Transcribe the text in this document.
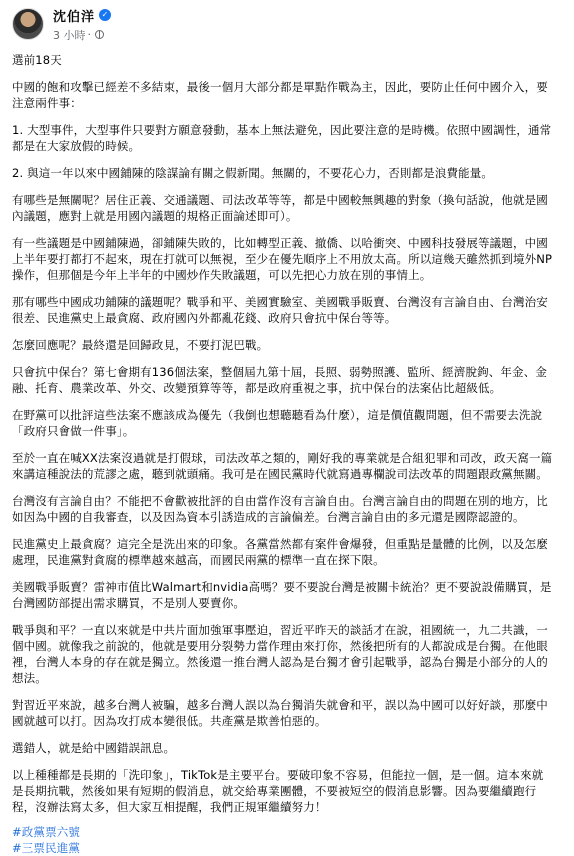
沈伯洋 ✓
3 小時 ·

選前18天

中國的飽和攻擊已經差不多結束，最後一個月大部分都是單點作戰為主，因此，要防止任何中國介入，要注意兩件事：

1. 大型事件，大型事件只要對方願意發動，基本上無法避免，因此要注意的是時機。依照中國調性，通常都是在大家放假的時候。

2. 與這一年以來中國鋪陳的陰謀論有關之假新聞。無關的，不要花心力，否則都是浪費能量。

有哪些是無關呢？居住正義、交通議題、司法改革等等，都是中國較無興趣的對象（換句話說，他就是國內議題，應對上就是用國內議題的規格正面論述即可）。

有一些議題是中國鋪陳過，卻鋪陳失敗的，比如轉型正義、撤僑、以哈衝突、中國科技發展等議題，中國上半年要打都打不起來，現在打就可以無視，至少在優先順序上不用放太高。所以這幾天雖然抓到境外NP操作，但那個是今年上半年的中國炒作失敗議題，可以先把心力放在別的事情上。

那有哪些中國成功鋪陳的議題呢？戰爭和平、美國實驗室、美國戰爭販賣、台灣沒有言論自由、台灣治安很差、民進黨史上最貪腐、政府國內外都亂花錢、政府只會抗中保台等等。

怎麼回應呢？最終還是回歸政見，不要打泥巴戰。

只會抗中保台？第七會期有136個法案，整個屆九第十屆，長照、弱勢照護、監所、經濟脫鉤、年金、金融、托育、農業改革、外交、改變預算等等，都是政府重視之事，抗中保台的法案佔比超級低。

在野黨可以批評這些法案不應該成為優先（我倒也想聽聽看為什麼），這是價值觀問題，但不需要去洗說「政府只會做一件事」。

至於一直在喊XX法案沒過就是打假球，司法改革之類的，剛好我的專業就是合組犯罪和司改，政天窩一篇來講這種說法的荒謬之處，聽到就頭痛。我可是在國民黨時代就寫過專欄說司法改革的問題跟政黨無關。

台灣沒有言論自由？不能把不會歡被批評的自由當作沒有言論自由。台灣言論自由的問題在別的地方，比如因為中國的自我審查，以及因為資本引誘造成的言論偏差。台灣言論自由的多元還是國際認證的。

民進黨史上最貪腐？這完全是洗出來的印象。各黨當然都有案件會爆發，但重點是量體的比例，以及怎麼處理，民進黨對貪腐的標準越來越高，而國民兩黨的標準一直在探下限。

美國戰爭販賣？雷神市值比Walmart和nvidia高嗎？要不要說台灣是被關卡統治？更不要說設備購買，是台灣國防部提出需求購買，不是別人要賣你。

戰爭與和平？一直以來就是中共片面加強軍事壓迫，習近平昨天的談話才在說，祖國統一，九二共識，一個中國。就像我之前說的，他就是要用分裂勢力當作理由來打你，然後把所有的人都說成是台獨。在他眼裡，台灣人本身的存在就是獨立。然後還一推台灣人認為是台獨才會引起戰爭，認為台獨是小部分的人的想法。

對習近平來說，越多台灣人被騙，越多台灣人誤以為台獨消失就會和平，誤以為中國可以好好談，那麼中國就越可以打。因為攻打成本變很低。共產黨是欺善怕惡的。

選錯人，就是給中國錯誤訊息。

以上種種都是長期的「洗印象」，TikTok是主要平台。要破印象不容易，但能拉一個，是一個。這本來就是長期抗戰，然後如果有短期的假消息，就交給專業團體，不要被短空的假消息影響。因為要繼續跑行程，沒辦法寫太多，但大家互相提醒，我們正規軍繼續努力！

#政黨票六號
#三票民進黨
